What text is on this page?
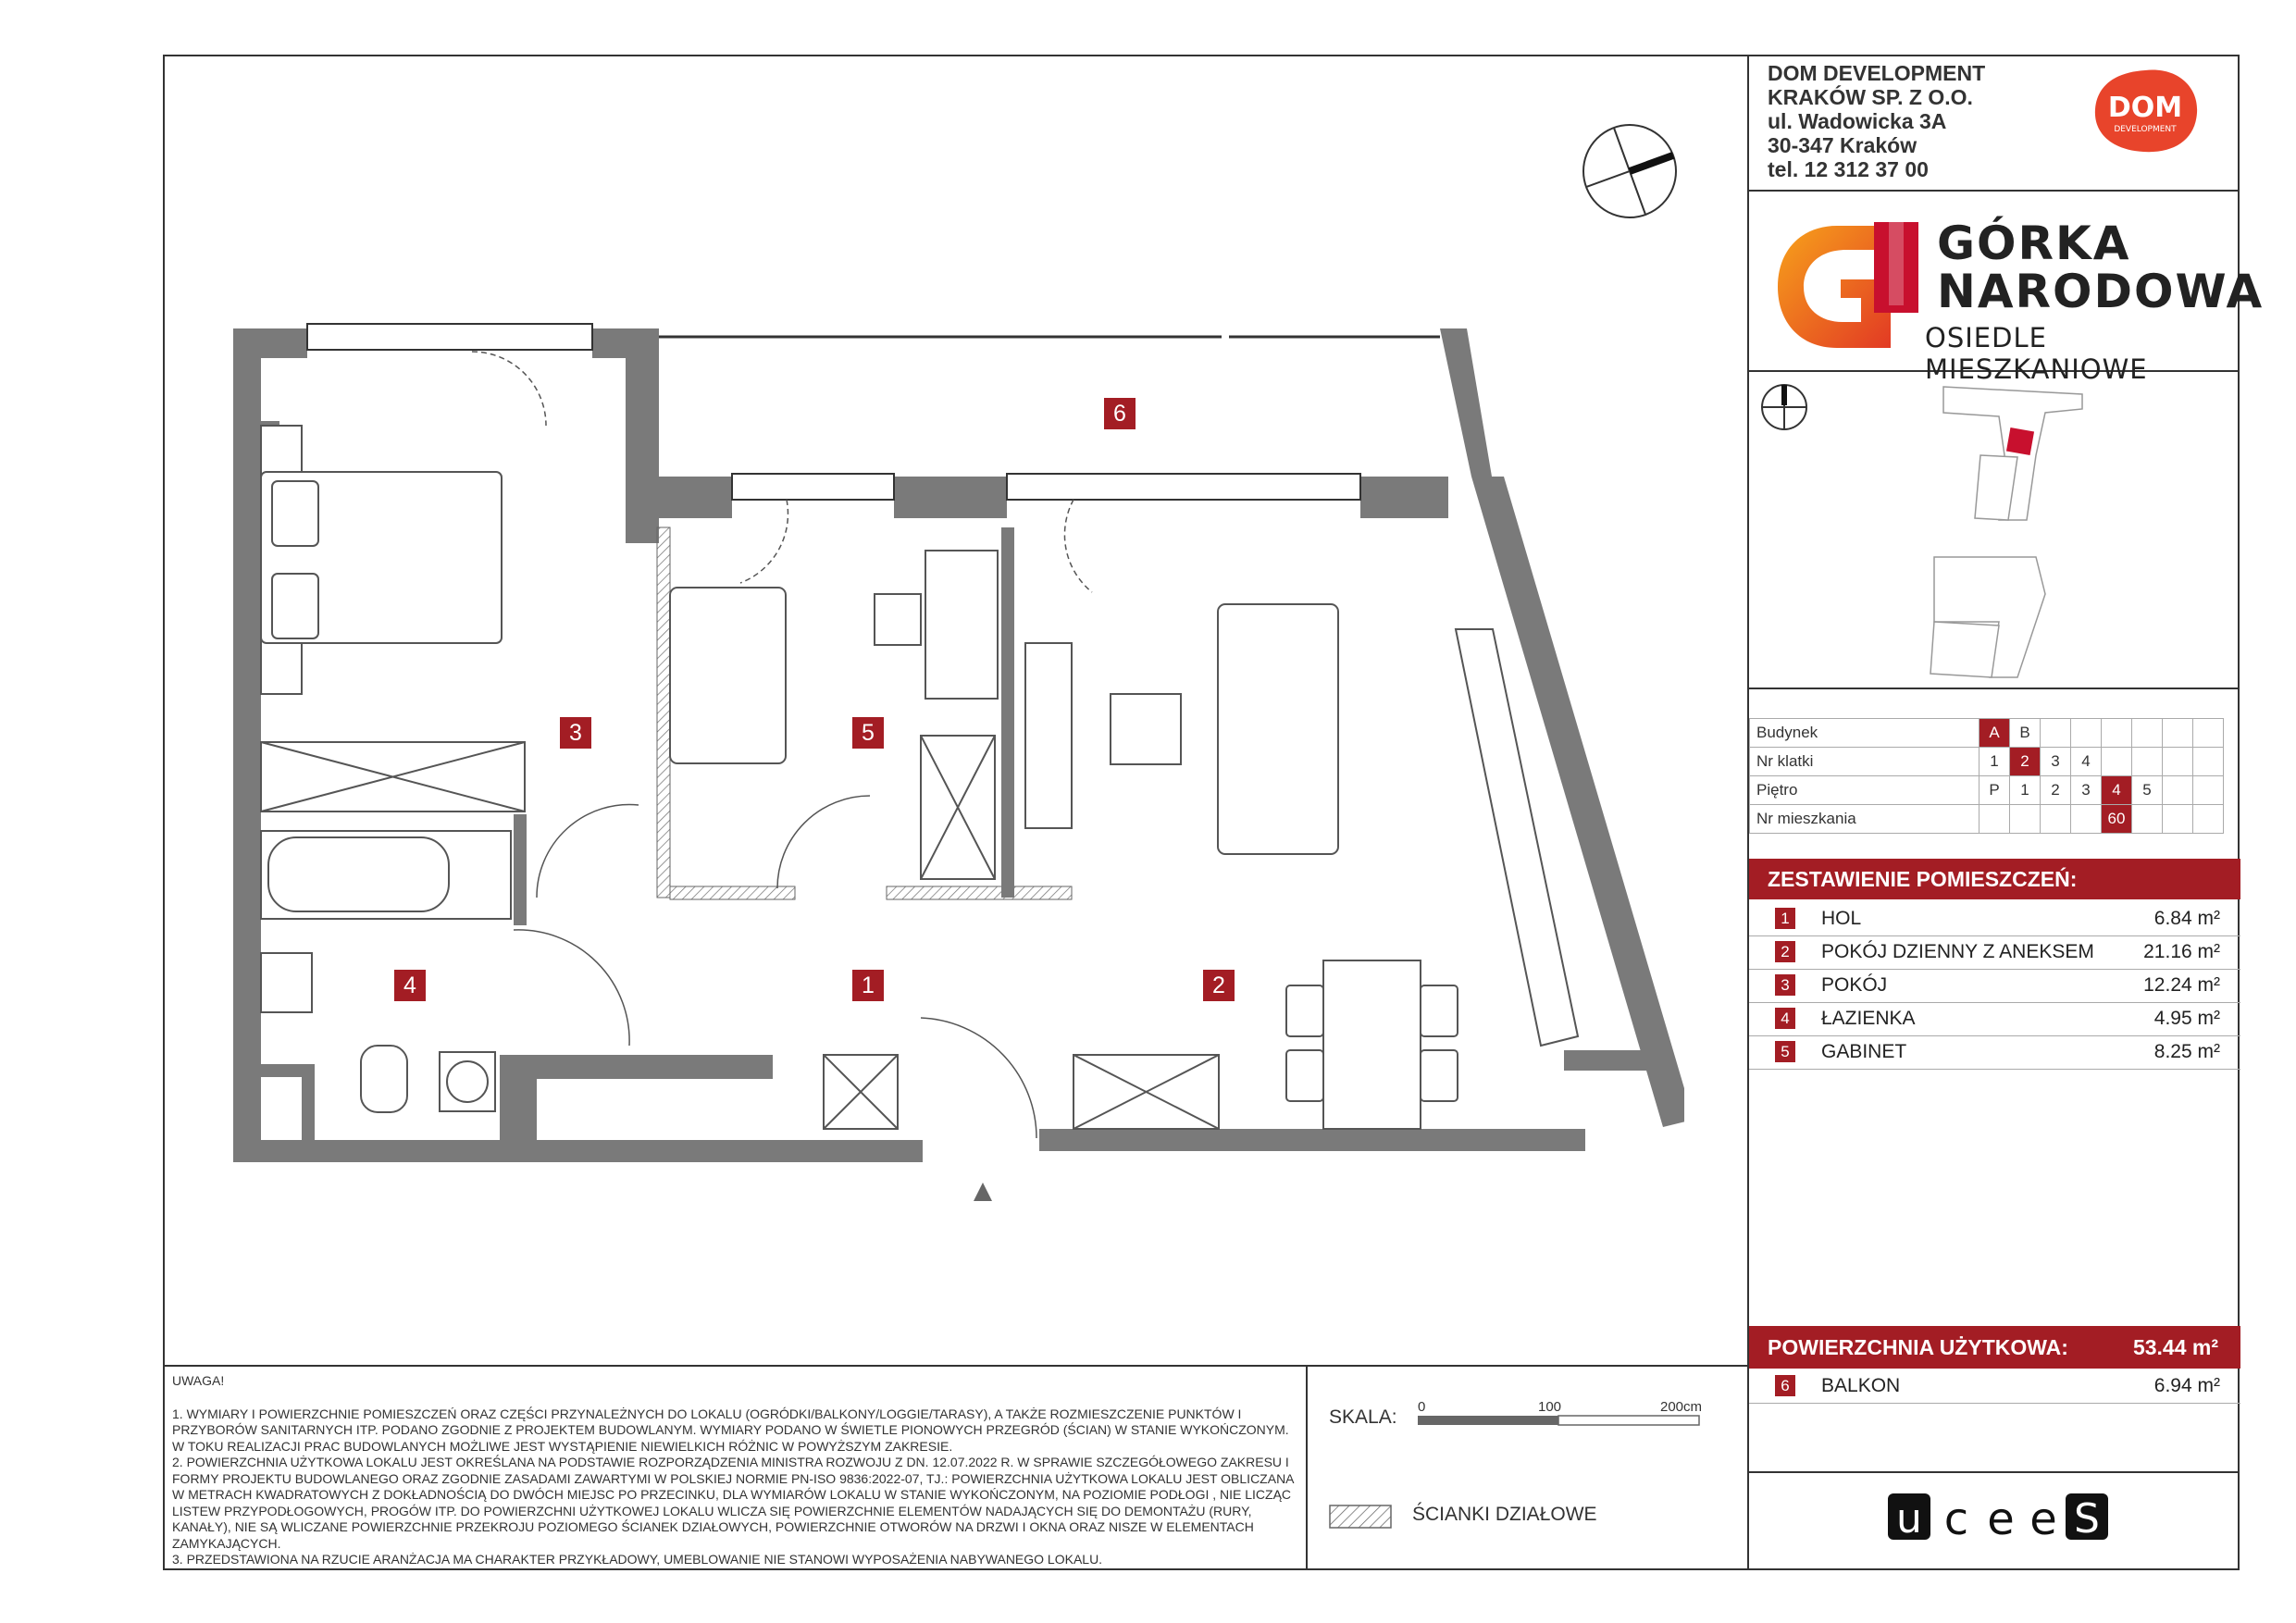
DOM DEVELOPMENT
KRAKÓW SP. Z O.O.
ul. Wadowicka 3A
30-347 Kraków
tel. 12 312 37 00
DOM
DEVELOPMENT
GÓRKA
NARODOWA
OSIEDLE MIESZKANIOWE
Budynek	A	B						
Nr klatki	1	2	3	4				
Piętro	P	1	2	3	4	5		
Nr mieszkania					60			
ZESTAWIENIE POMIESZCZEŃ:
1 HOL	6.84 m²
2 POKÓJ DZIENNY Z ANEKSEM	21.16 m²
3 POKÓJ	12.24 m²
4 ŁAZIENKA	4.95 m²
5 GABINET	8.25 m²
POWIERZCHNIA UŻYTKOWA:	53.44 m²
6 BALKON	6.94 m²
UWAGA!
1. WYMIARY I POWIERZCHNIE POMIESZCZEŃ ORAZ CZĘŚCI PRZYNALEŻNYCH DO LOKALU (OGRÓDKI/BALKONY/LOGGIE/TARASY), A TAKŻE ROZMIESZCZENIE PUNKTÓW I PRZYBORÓW SANITARNYCH ITP. PODANO ZGODNIE Z PROJEKTEM BUDOWLANYM. WYMIARY PODANO W ŚWIETLE PIONOWYCH PRZEGRÓD (ŚCIAN) W STANIE WYKOŃCZONYM. W TOKU REALIZACJI PRAC BUDOWLANYCH MOŻLIWE JEST WYSTĄPIENIE NIEWIELKICH RÓŻNIC W POWYŻSZYM ZAKRESIE.
2. POWIERZCHNIA UŻYTKOWA LOKALU JEST OKREŚLANA NA PODSTAWIE ROZPORZĄDZENIA MINISTRA ROZWOJU Z DN. 12.07.2022 R. W SPRAWIE SZCZEGÓŁOWEGO ZAKRESU I FORMY PROJEKTU BUDOWLANEGO ORAZ ZGODNIE ZASADAMI ZAWARTYMI W POLSKIEJ NORMIE PN-ISO 9836:2022-07, TJ.: POWIERZCHNIA UŻYTKOWA LOKALU JEST OBLICZANA W METRACH KWADRATOWYCH Z DOKŁADNOŚCIĄ DO DWÓCH MIEJSC PO PRZECINKU, DLA WYMIARÓW LOKALU W STANIE WYKOŃCZONYM, NA POZIOMIE PODŁOGI , NIE LICZĄC LISTEW PRZYPODŁOGOWYCH, PROGÓW ITP. DO POWIERZCHNI UŻYTKOWEJ LOKALU WLICZA SIĘ POWIERZCHNIE ELEMENTÓW NADAJĄCYCH SIĘ DO DEMONTAŻU (RURY, KANAŁY), NIE SĄ WLICZANE POWIERZCHNIE PRZEKROJU POZIOMEGO ŚCIANEK DZIAŁOWYCH, POWIERZCHNIE OTWORÓW NA DRZWI I OKNA ORAZ NISZE W ELEMENTACH ZAMYKAJĄCYCH.
3. PRZEDSTAWIONA NA RZUCIE ARANŻACJA MA CHARAKTER PRZYKŁADOWY, UMEBLOWANIE NIE STANOWI WYPOSAŻENIA NABYWANEGO LOKALU.
SKALA: 0	100	200cm
ŚCIANKI DZIAŁOWE	u c e e S
6
3	5
4	1	2
